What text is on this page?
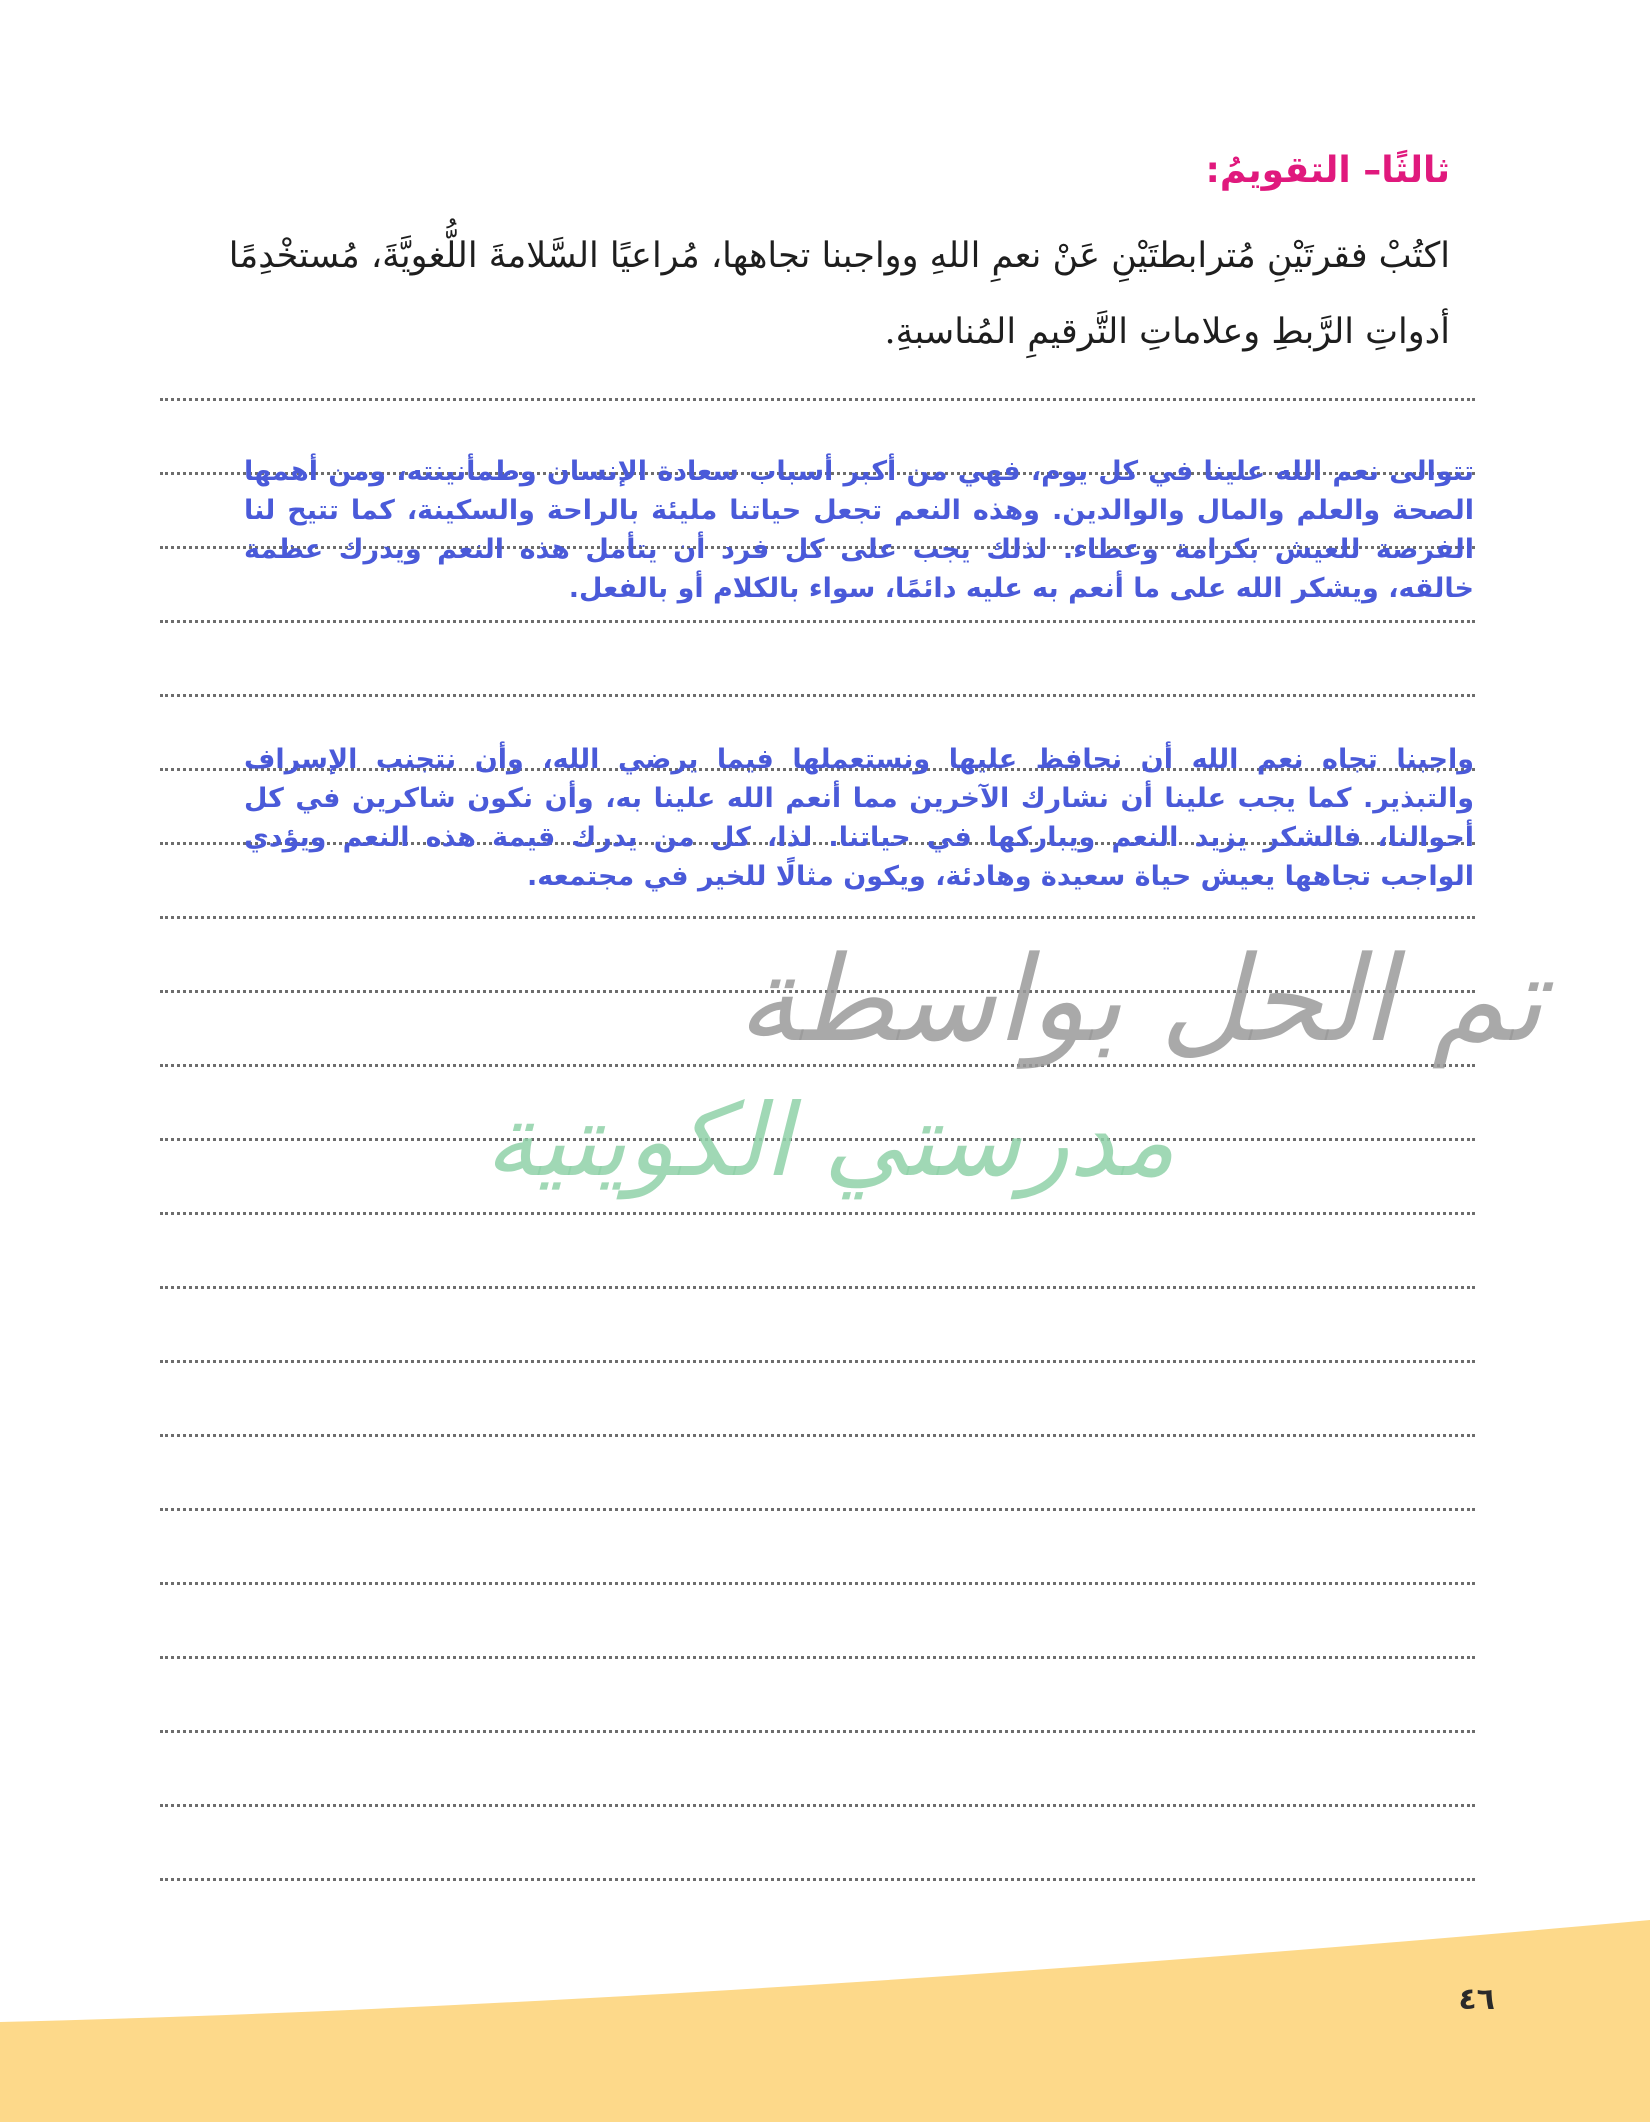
ثالثًا– التقويمُ:

اكتُبْ فقرتَيْنِ مُترابطتَيْنِ عَنْ نعمِ اللهِ وواجبنا تجاهها، مُراعيًا السَّلامةَ اللُّغويَّةَ، مُستخْدِمًا

أدواتِ الرَّبطِ وعلاماتِ التَّرقيمِ المُناسبةِ.

تتوالى نعم الله علينا في كل يوم، فهي من أكبر أسباب سعادة الإنسان وطمأنينته، ومن أهمها الصحة والعلم والمال والوالدين. وهذه النعم تجعل حياتنا مليئة بالراحة والسكينة، كما تتيح لنا الفرصة للعيش بكرامة وعطاء. لذلك يجب على كل فرد أن يتأمل هذه النعم ويدرك عظمة خالقه، ويشكر الله على ما أنعم به عليه دائمًا، سواء بالكلام أو بالفعل.

واجبنا تجاه نعم الله أن نحافظ عليها ونستعملها فيما يرضي الله، وأن نتجنب الإسراف والتبذير. كما يجب علينا أن نشارك الآخرين مما أنعم الله علينا به، وأن نكون شاكرين في كل أحوالنا، فالشكر يزيد النعم ويباركها في حياتنا. لذا، كل من يدرك قيمة هذه النعم ويؤدي الواجب تجاهها يعيش حياة سعيدة وهادئة، ويكون مثالًا للخير في مجتمعه.

تم الحل بواسطة
مدرستي الكويتية
٤٦
